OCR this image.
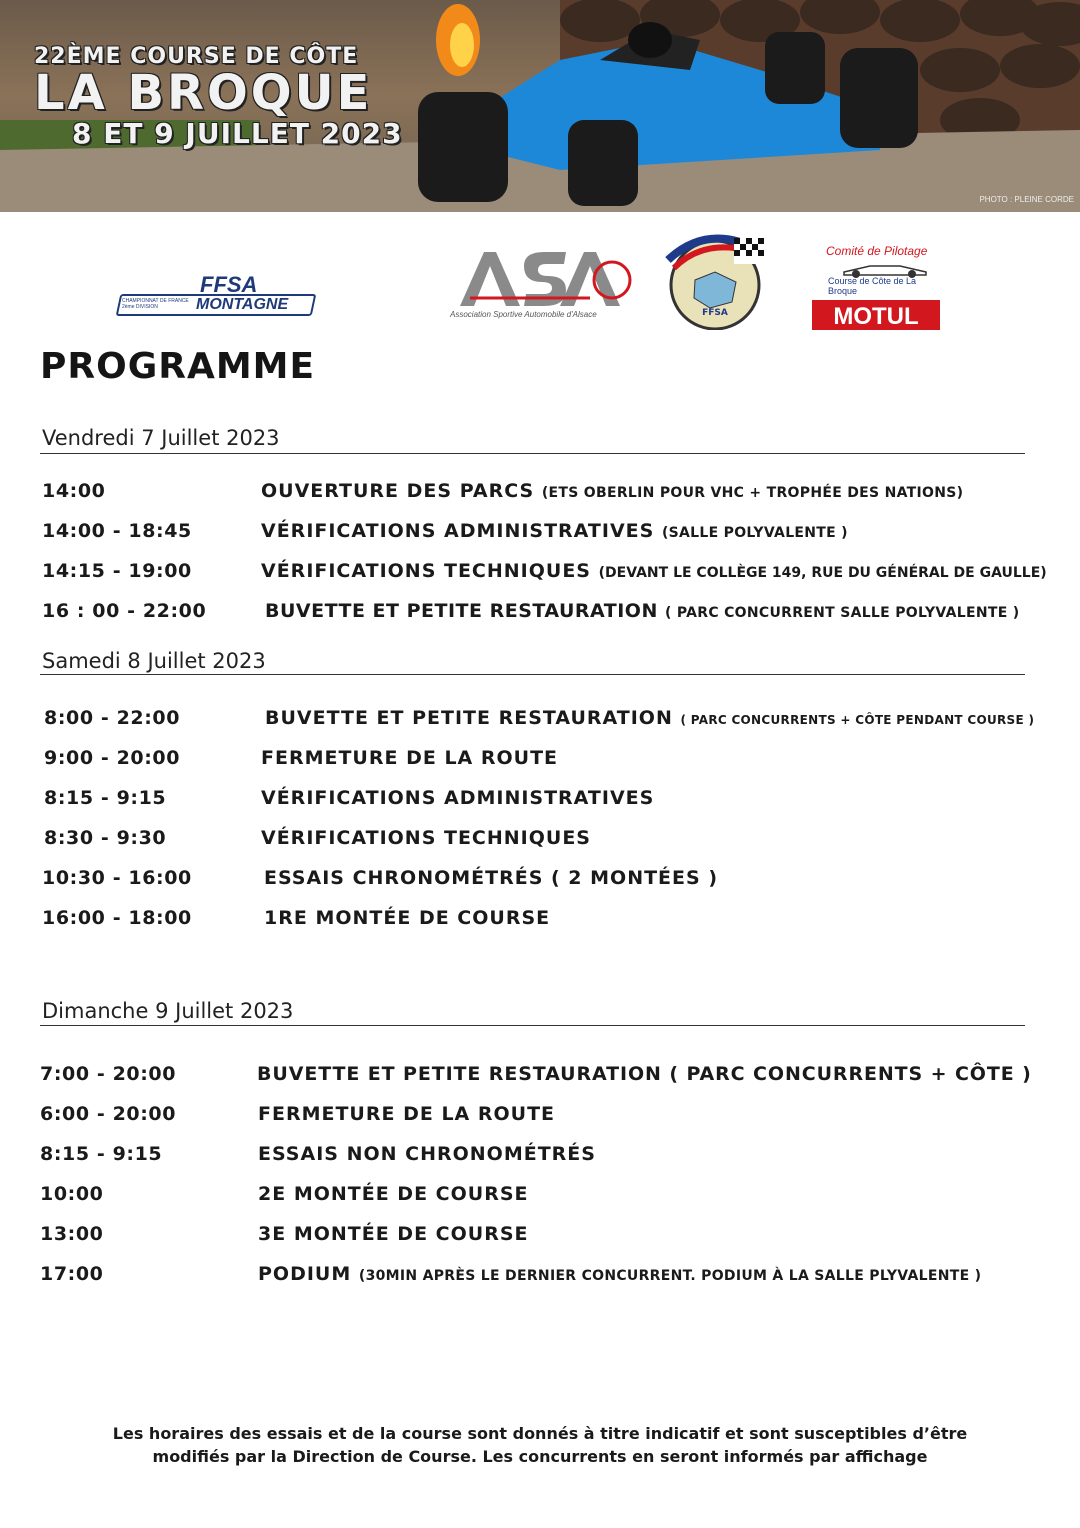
22ÈME COURSE DE CÔTE
LA BROQUE
8 ET 9 JUILLET 2023
PHOTO : PLEINE CORDE
FFSA
CHAMPIONNAT DE FRANCE 2ème DIVISION	MONTAGNE
Association Sportive Automobile d'Alsace	FFSA
Comité de Pilotage
Course de Côte de La Broque
MOTUL
PROGRAMME
Vendredi 7 Juillet 2023
14:00	OUVERTURE DES PARCS (ETS OBERLIN POUR VHC + TROPHÉE DES NATIONS)
14:00 - 18:45	VÉRIFICATIONS ADMINISTRATIVES (SALLE POLYVALENTE )
14:15 - 19:00	VÉRIFICATIONS TECHNIQUES (DEVANT LE COLLÈGE 149, RUE DU GÉNÉRAL DE GAULLE)
16 : 00 - 22:00	BUVETTE ET PETITE RESTAURATION ( PARC CONCURRENT SALLE POLYVALENTE )
Samedi 8 Juillet 2023
8:00 - 22:00	BUVETTE ET PETITE RESTAURATION ( PARC CONCURRENTS + CÔTE PENDANT COURSE )
9:00 - 20:00	FERMETURE DE LA ROUTE
8:15 - 9:15	VÉRIFICATIONS ADMINISTRATIVES
8:30 - 9:30	VÉRIFICATIONS TECHNIQUES
10:30 - 16:00	ESSAIS CHRONOMÉTRÉS ( 2 MONTÉES )
16:00 - 18:00	1RE MONTÉE DE COURSE
Dimanche 9 Juillet 2023
7:00 - 20:00	BUVETTE ET PETITE RESTAURATION ( PARC CONCURRENTS + CÔTE )
6:00 - 20:00	FERMETURE DE LA ROUTE
8:15 - 9:15	ESSAIS NON CHRONOMÉTRÉS
10:00	2E MONTÉE DE COURSE
13:00	3E MONTÉE DE COURSE
17:00	PODIUM (30MIN APRÈS LE DERNIER CONCURRENT. PODIUM À LA SALLE PLYVALENTE )
Les horaires des essais et de la course sont donnés à titre indicatif et sont susceptibles d’être
modifiés par la Direction de Course. Les concurrents en seront informés par affichage
